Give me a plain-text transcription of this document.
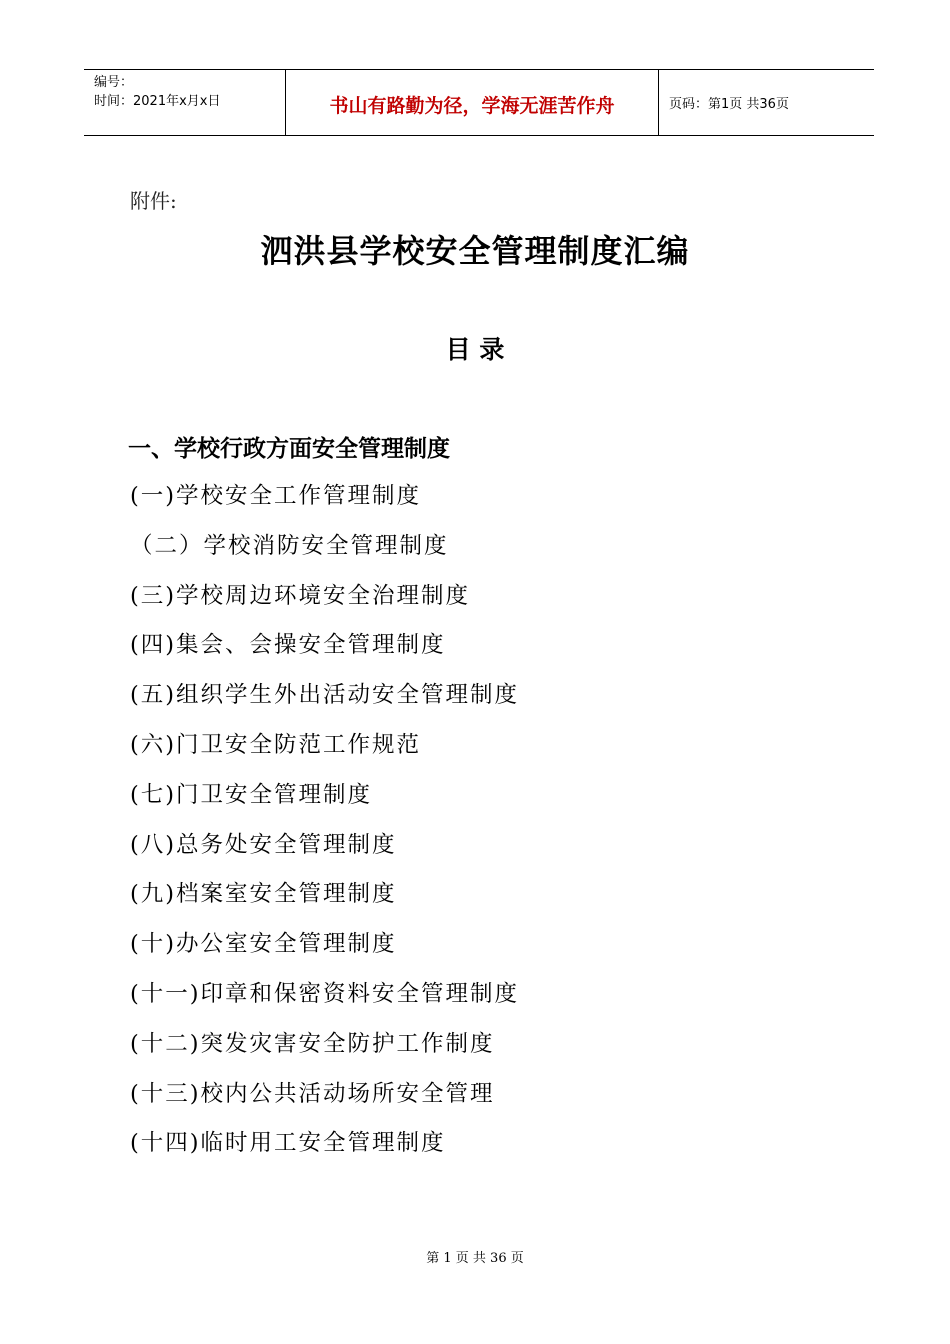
编号：
时间：2021年x月x日	书山有路勤为径，学海无涯苦作舟	页码：第1页 共36页
附件:
泗洪县学校安全管理制度汇编
目 录
一、学校行政方面安全管理制度
(一)学校安全工作管理制度
（二）学校消防安全管理制度
(三)学校周边环境安全治理制度
(四)集会、会操安全管理制度
(五)组织学生外出活动安全管理制度
(六)门卫安全防范工作规范
(七)门卫安全管理制度
(八)总务处安全管理制度
(九)档案室安全管理制度
(十)办公室安全管理制度
(十一)印章和保密资料安全管理制度
(十二)突发灾害安全防护工作制度
(十三)校内公共活动场所安全管理
(十四)临时用工安全管理制度
第 1 页 共 36 页
